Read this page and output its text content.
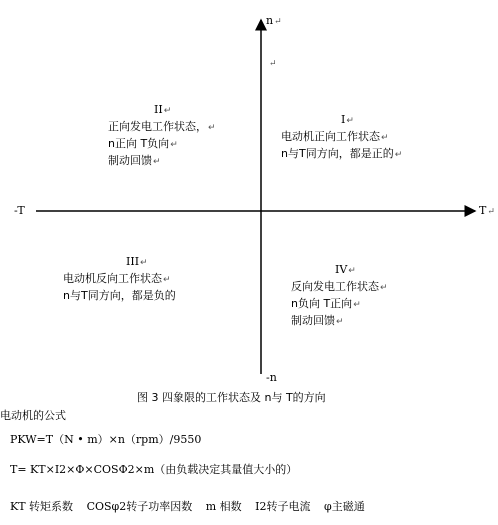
n↵
↵
-T	T↵
-n
II↵
正向发电工作状态，↵
n正向 T负向↵
制动回馈↵
I↵
电动机正向工作状态↵
n与T同方向，都是正的↵
III↵
电动机反向工作状态↵
n与T同方向，都是负的
IV↵
反向发电工作状态↵
n负向 T正向↵
制动回馈↵
图 3 四象限的工作状态及 n与 T的方向
电动机的公式
PKW=T（N • m）×n（rpm）/9550
T= KT×I2×Φ×COSΦ2×m（由负载决定其量值大小的）
KT 转矩系数 COSφ2转子功率因数 m 相数 I2转子电流 φ主磁通
